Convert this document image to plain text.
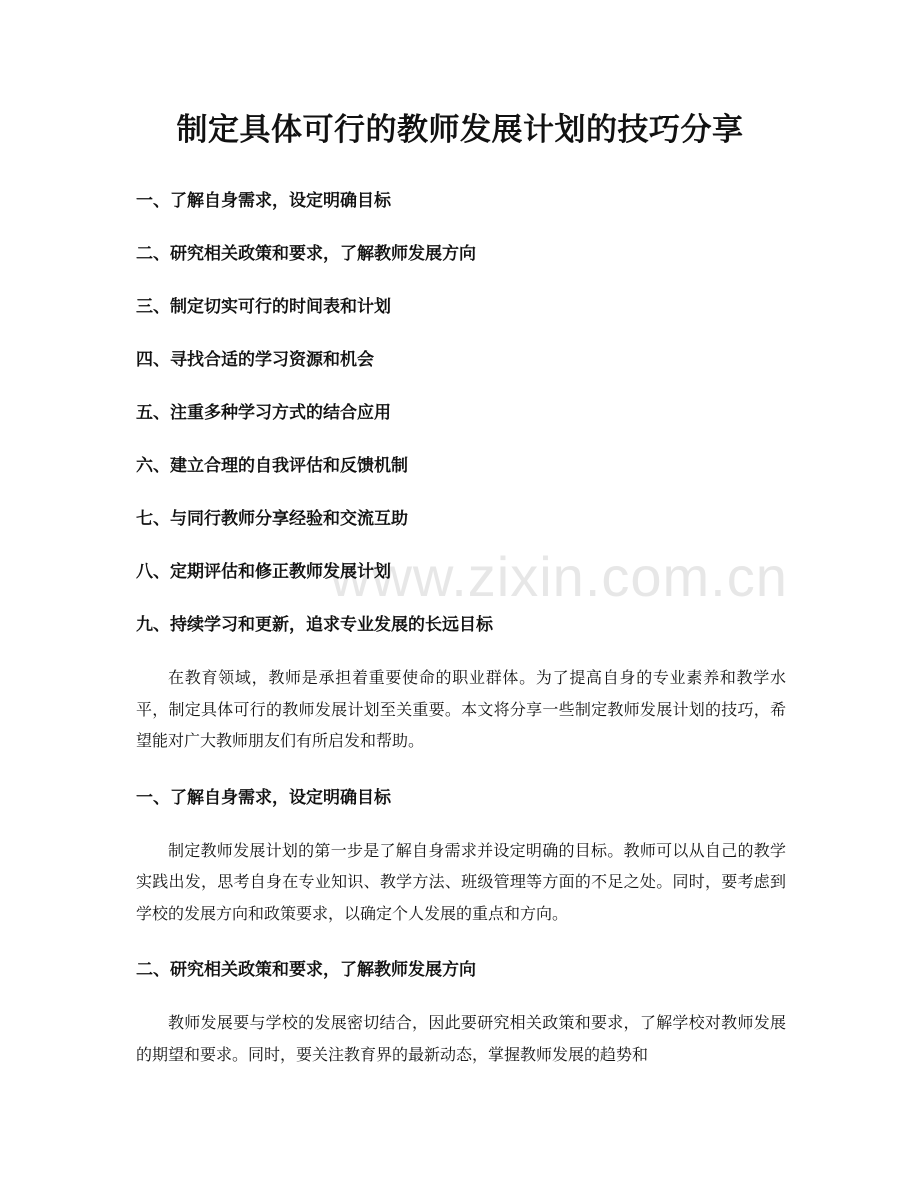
www.zixin.com.cn
制定具体可行的教师发展计划的技巧分享
一、了解自身需求，设定明确目标
二、研究相关政策和要求，了解教师发展方向
三、制定切实可行的时间表和计划
四、寻找合适的学习资源和机会
五、注重多种学习方式的结合应用
六、建立合理的自我评估和反馈机制
七、与同行教师分享经验和交流互助
八、定期评估和修正教师发展计划
九、持续学习和更新，追求专业发展的长远目标

在教育领域，教师是承担着重要使命的职业群体。为了提高自身的专业素养和教学水平，制定具体可行的教师发展计划至关重要。本文将分享一些制定教师发展计划的技巧，希望能对广大教师朋友们有所启发和帮助。

一、了解自身需求，设定明确目标

制定教师发展计划的第一步是了解自身需求并设定明确的目标。教师可以从自己的教学实践出发，思考自身在专业知识、教学方法、班级管理等方面的不足之处。同时，要考虑到学校的发展方向和政策要求，以确定个人发展的重点和方向。

二、研究相关政策和要求，了解教师发展方向

教师发展要与学校的发展密切结合，因此要研究相关政策和要求，了解学校对教师发展的期望和要求。同时，要关注教育界的最新动态，掌握教师发展的趋势和
